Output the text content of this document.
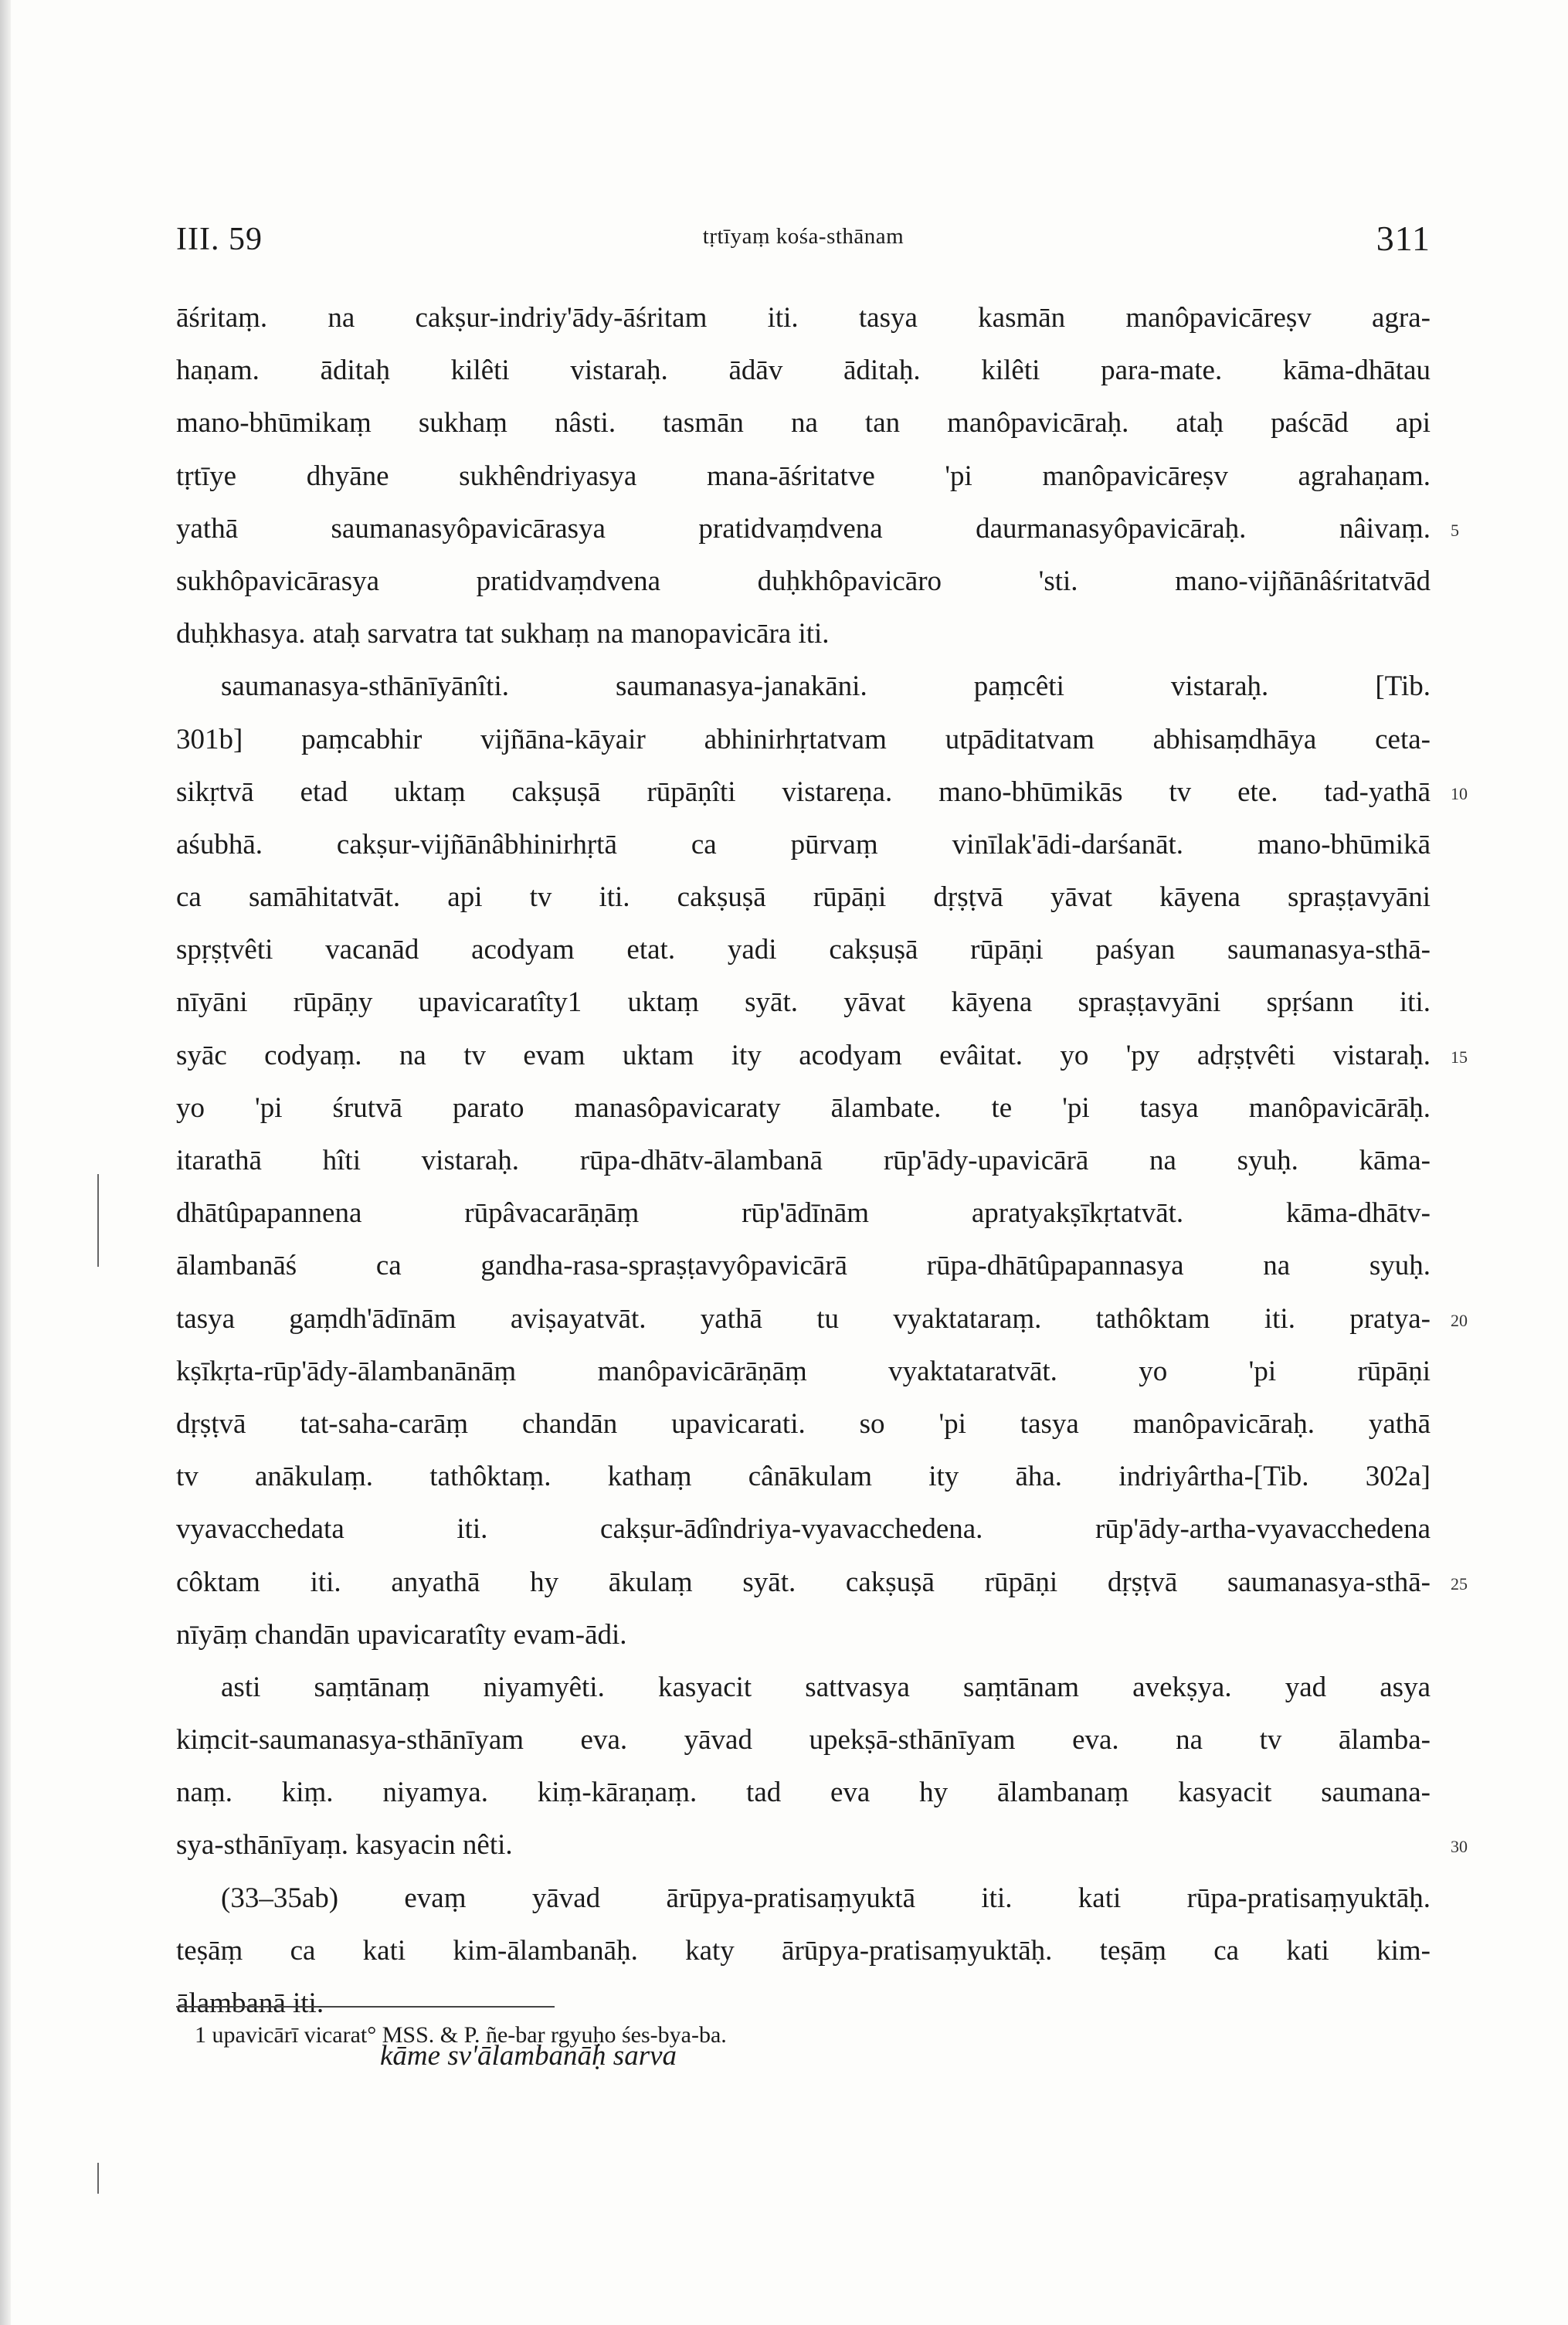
III. 59	tṛtīyaṃ kośa-sthānam	311
āśritaṃ. na cakṣur-indriy'ādy-āśritam iti. tasya kasmān manôpavicāreṣv agra-
haṇam. āditaḥ kilêti vistaraḥ. ādāv āditaḥ. kilêti para-mate. kāma-dhātau
mano-bhūmikaṃ sukhaṃ nâsti. tasmān na tan manôpavicāraḥ. ataḥ paścād api
tṛtīye dhyāne sukhêndriyasya mana-āśritatve 'pi manôpavicāreṣv agrahaṇam.
yathā saumanasyôpavicārasya pratidvaṃdvena daurmanasyôpavicāraḥ. nâivaṃ. 5
sukhôpavicārasya pratidvaṃdvena duḥkhôpavicāro 'sti. mano-vijñānâśritatvād
duḥkhasya. ataḥ sarvatra tat sukhaṃ na manopavicāra iti.
saumanasya-sthānīyānîti. saumanasya-janakāni. paṃcêti vistaraḥ. [Tib.
301b] paṃcabhir vijñāna-kāyair abhinirhṛtatvam utpāditatvam abhisaṃdhāya ceta-
sikṛtvā etad uktaṃ cakṣuṣā rūpāṇîti vistareṇa. mano-bhūmikās tv ete. tad-yathā 10
aśubhā. cakṣur-vijñānâbhinirhṛtā ca pūrvaṃ vinīlak'ādi-darśanāt. mano-bhūmikā
ca samāhitatvāt. api tv iti. cakṣuṣā rūpāṇi dṛṣṭvā yāvat kāyena spraṣṭavyāni
spṛṣṭvêti vacanād acodyam etat. yadi cakṣuṣā rūpāṇi paśyan saumanasya-sthā-
nīyāni rūpāṇy upavicaratîty1 uktaṃ syāt. yāvat kāyena spraṣṭavyāni spṛśann iti.
syāc codyaṃ. na tv evam uktam ity acodyam evâitat. yo 'py adṛṣṭvêti vistaraḥ. 15
yo 'pi śrutvā parato manasôpavicaraty ālambate. te 'pi tasya manôpavicārāḥ.
itarathā hîti vistaraḥ. rūpa-dhātv-ālambanā rūp'ādy-upavicārā na syuḥ. kāma-
dhātûpapannena rūpâvacarāṇāṃ rūp'ādīnām apratyakṣīkṛtatvāt. kāma-dhātv-
ālambanāś ca gandha-rasa-spraṣṭavyôpavicārā rūpa-dhātûpapannasya na syuḥ.
tasya gaṃdh'ādīnām aviṣayatvāt. yathā tu vyaktataraṃ. tathôktam iti. pratya- 20
kṣīkṛta-rūp'ādy-ālambanānāṃ manôpavicārāṇāṃ vyaktataratvāt. yo 'pi rūpāṇi
dṛṣṭvā tat-saha-carāṃ chandān upavicarati. so 'pi tasya manôpavicāraḥ. yathā
tv anākulaṃ. tathôktaṃ. kathaṃ cânākulam ity āha. indriyârtha-[Tib. 302a]
vyavacchedata iti. cakṣur-ādîndriya-vyavacchedena. rūp'ādy-artha-vyavacchedena
côktam iti. anyathā hy ākulaṃ syāt. cakṣuṣā rūpāṇi dṛṣṭvā saumanasya-sthā- 25
nīyāṃ chandān upavicaratîty evam-ādi.
asti saṃtānaṃ niyamyêti. kasyacit sattvasya saṃtānam avekṣya. yad asya
kiṃcit-saumanasya-sthānīyam eva. yāvad upekṣā-sthānīyam eva. na tv ālamba-
naṃ. kiṃ. niyamya. kiṃ-kāraṇaṃ. tad eva hy ālambanaṃ kasyacit saumana-
sya-sthānīyaṃ. kasyacin nêti.	30
(33–35ab) evaṃ yāvad ārūpya-pratisaṃyuktā iti. kati rūpa-pratisaṃyuktāḥ.
teṣāṃ ca kati kim-ālambanāḥ. katy ārūpya-pratisaṃyuktāḥ. teṣāṃ ca kati kim-
ālambanā iti.
kāme sv'ālambanāḥ sarva
1 upavicārī vicarat° MSS. & P. ñe-bar rgyuḥo śes-bya-ba.
